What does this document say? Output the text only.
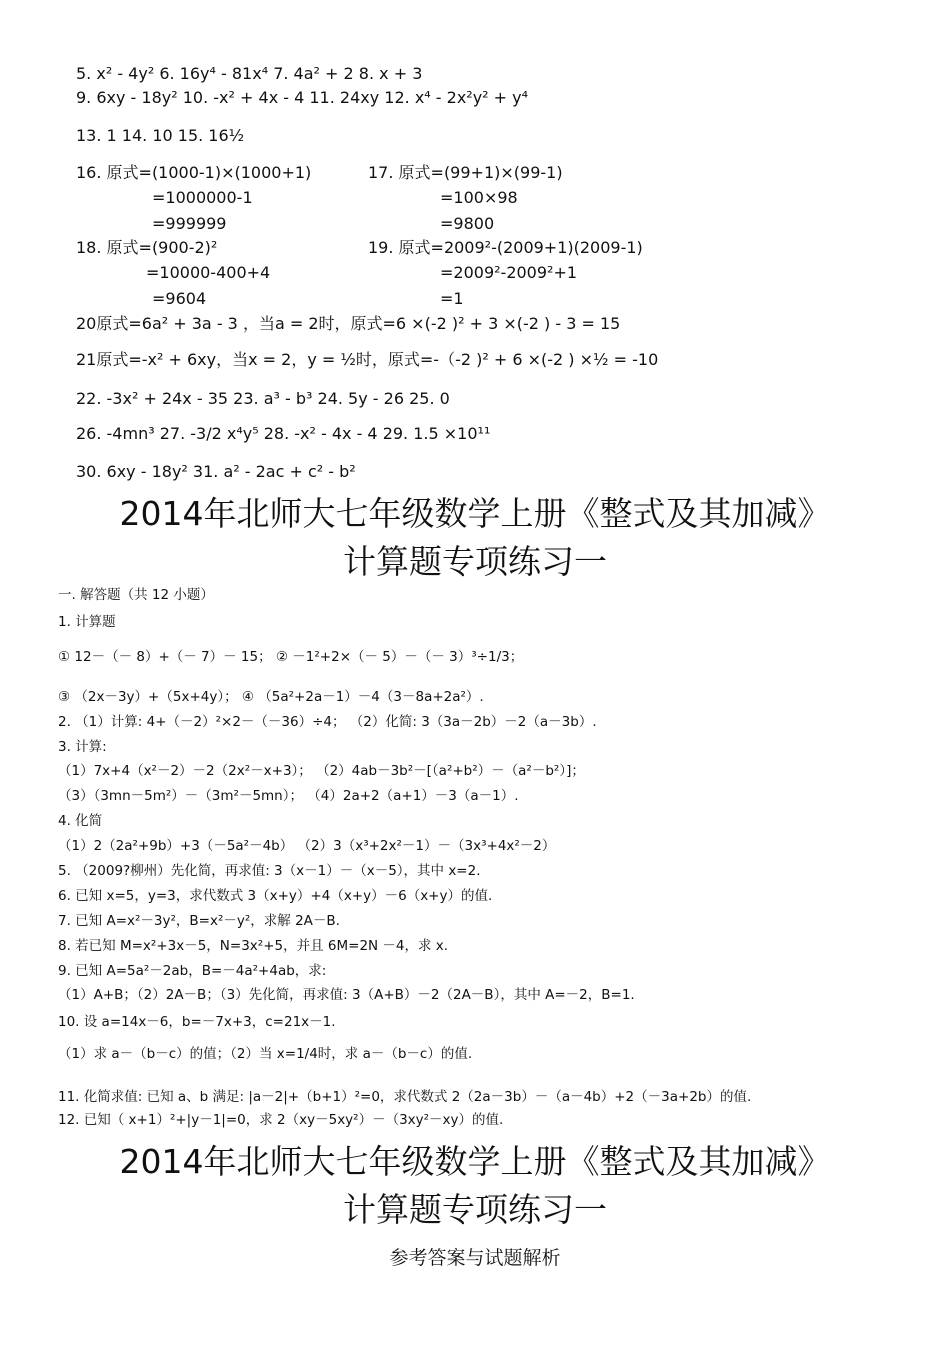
5. x² - 4y² 6. 16y⁴ - 81x⁴ 7. 4a² + 2 8. x + 3
9. 6xy - 18y² 10. -x² + 4x - 4 11. 24xy 12. x⁴ - 2x²y² + y⁴
13. 1 14. 10 15. 16½
16. 原式=(1000-1)×(1000+1)
=1000000-1
=999999
17. 原式=(99+1)×(99-1)
=100×98
=9800
18. 原式=(900-2)²
=10000-400+4
=9604
19. 原式=2009²-(2009+1)(2009-1)
=2009²-2009²+1
=1
20原式=6a² + 3a - 3 ，当a = 2时，原式=6 ×(-2 )² + 3 ×(-2 ) - 3 = 15
21原式=-x² + 6xy，当x = 2，y = ½时，原式=-（-2 )² + 6 ×(-2 ) ×½ = -10
22. -3x² + 24x - 35 23. a³ - b³ 24. 5y - 26 25. 0
26. -4mn³ 27. -3/2 x⁴y⁵ 28. -x² - 4x - 4 29. 1.5 ×10¹¹
30. 6xy - 18y² 31. a² - 2ac + c² - b²
2014年北师大七年级数学上册《整式及其加减》
计算题专项练习一
一. 解答题（共 12 小题）
1. 计算题
① 12－（－ 8）+（－ 7）－ 15； ② －1²+2×（－ 5）－（－ 3）³÷1/3；
③ （2x－3y）+（5x+4y）； ④ （5a²+2a－1）－4（3－8a+2a²）.
2. （1）计算: 4+（－2）²×2－（－36）÷4； （2）化简: 3（3a－2b）－2（a－3b）.
3. 计算:
（1）7x+4（x²－2）－2（2x²－x+3）； （2）4ab－3b²－[（a²+b²）－（a²－b²）]；
（3）（3mn－5m²）－（3m²－5mn）； （4）2a+2（a+1）－3（a－1）.
4. 化简
（1）2（2a²+9b）+3（－5a²－4b） （2）3（x³+2x²－1）－（3x³+4x²－2）
5. （2009?柳州）先化简，再求值: 3（x－1）－（x－5），其中 x=2.
6. 已知 x=5，y=3，求代数式 3（x+y）+4（x+y）－6（x+y）的值.
7. 已知 A=x²－3y²，B=x²－y²，求解 2A－B.
8. 若已知 M=x²+3x－5，N=3x²+5，并且 6M=2N －4，求 x.
9. 已知 A=5a²－2ab，B=－4a²+4ab，求:
（1）A+B；（2）2A－B；（3）先化简，再求值: 3（A+B）－2（2A－B），其中 A=－2，B=1.
10. 设 a=14x－6，b=－7x+3，c=21x－1.
（1）求 a－（b－c）的值；（2）当 x=1/4时，求 a－（b－c）的值.
11. 化简求值: 已知 a、b 满足: |a－2|+（b+1）²=0，求代数式 2（2a－3b）－（a－4b）+2（－3a+2b）的值.
12. 已知（ x+1）²+|y－1|=0，求 2（xy－5xy²）－（3xy²－xy）的值.
2014年北师大七年级数学上册《整式及其加减》
计算题专项练习一
参考答案与试题解析
